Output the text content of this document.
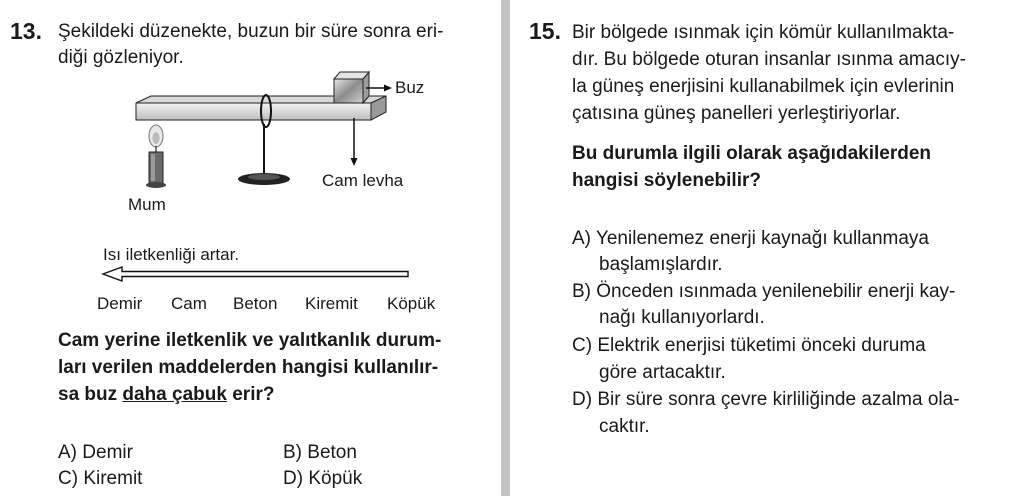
13. Şekildeki düzenekte, buzun bir süre sonra eri-
diği gözleniyor.
Buz
Cam levha
Mum
Isı iletkenliği artar.
Demir Cam Beton Kiremit Köpük
Cam yerine iletkenlik ve yalıtkanlık durum-
ları verilen maddelerden hangisi kullanılır-
sa buz daha çabuk erir?
A) Demir	B) Beton
C) Kiremit	D) Köpük
15. Bir bölgede ısınmak için kömür kullanılmakta-
dır. Bu bölgede oturan insanlar ısınma amacıy-
la güneş enerjisini kullanabilmek için evlerinin
çatısına güneş panelleri yerleştiriyorlar.
Bu durumla ilgili olarak aşağıdakilerden
hangisi söylenebilir?
A) Yenilenemez enerji kaynağı kullanmaya
başlamışlardır.
B) Önceden ısınmada yenilenebilir enerji kay-
nağı kullanıyorlardı.
C) Elektrik enerjisi tüketimi önceki duruma
göre artacaktır.
D) Bir süre sonra çevre kirliliğinde azalma ola-
caktır.
